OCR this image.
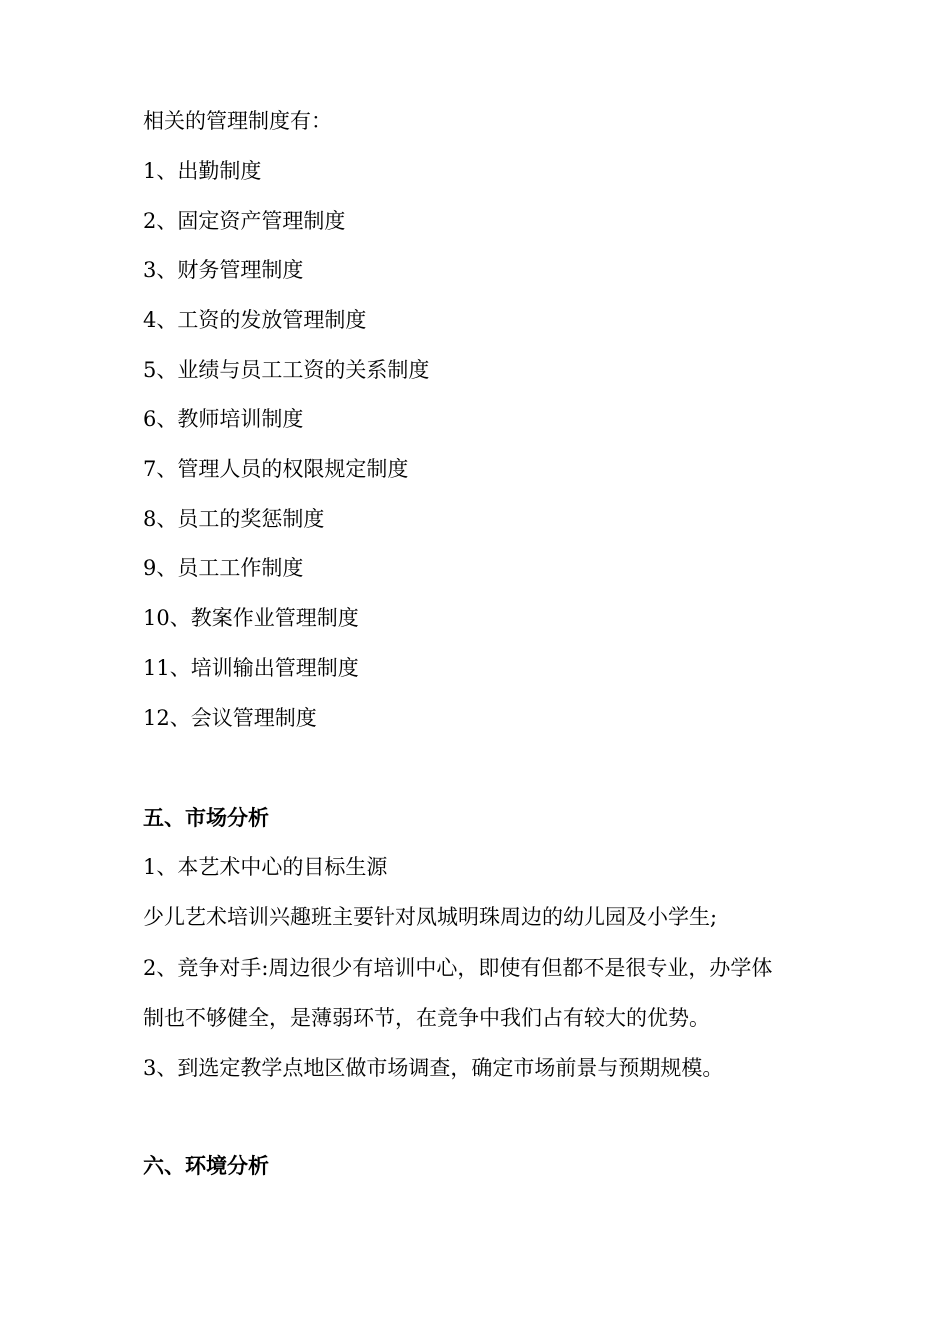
相关的管理制度有：
1、出勤制度
2、固定资产管理制度
3、财务管理制度
4、工资的发放管理制度
5、业绩与员工工资的关系制度
6、教师培训制度
7、管理人员的权限规定制度
8、员工的奖惩制度
9、员工工作制度
10、教案作业管理制度
11、培训输出管理制度
12、会议管理制度
五、市场分析
1、本艺术中心的目标生源
少儿艺术培训兴趣班主要针对凤城明珠周边的幼儿园及小学生;
2、竞争对手:周边很少有培训中心，即使有但都不是很专业，办学体
制也不够健全，是薄弱环节，在竞争中我们占有较大的优势。
3、到选定教学点地区做市场调查，确定市场前景与预期规模。
六、环境分析
